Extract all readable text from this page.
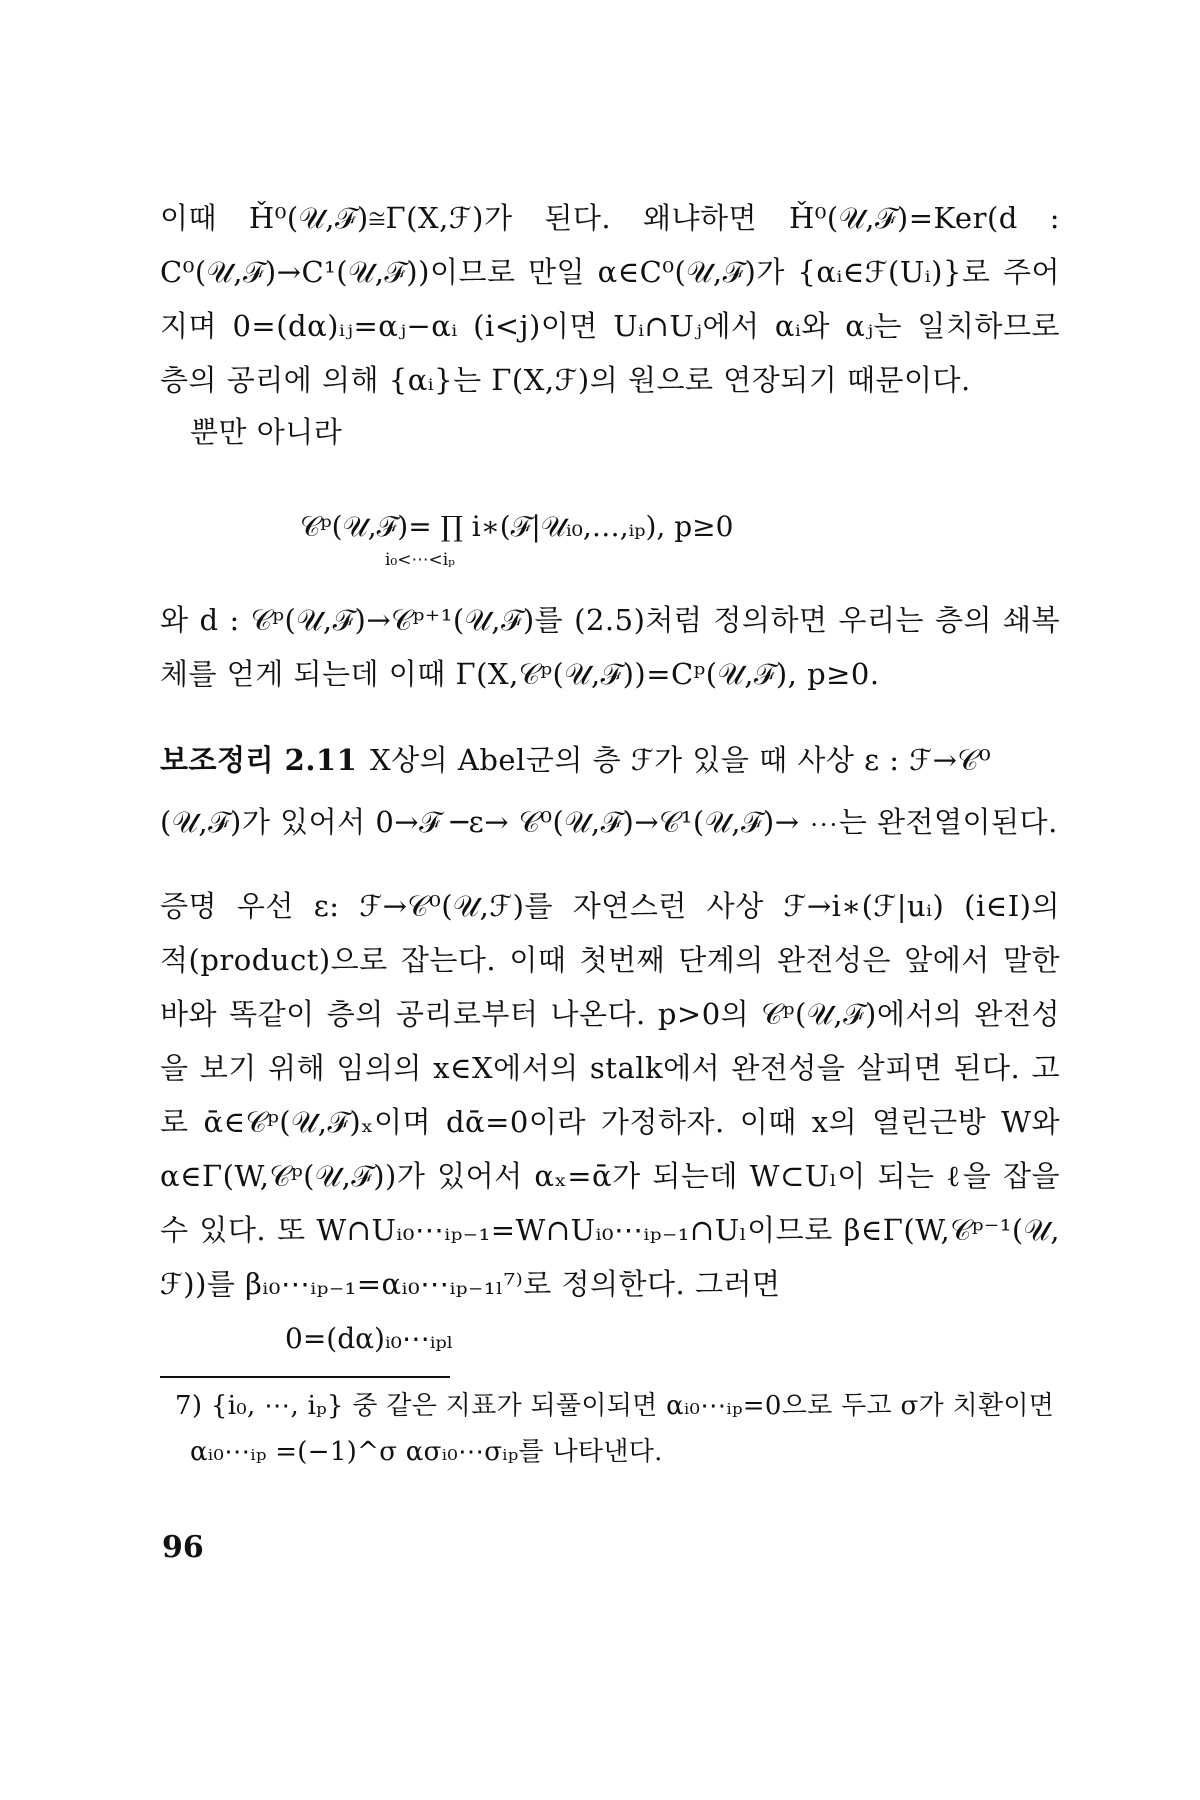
이때 Ȟ⁰(𝒰,ℱ)≅Γ(X,ℱ)가 된다. 왜냐하면 Ȟ⁰(𝒰,ℱ)=Ker(d :
C⁰(𝒰,ℱ)→C¹(𝒰,ℱ))이므로 만일 α∈C⁰(𝒰,ℱ)가 {αᵢ∈ℱ(Uᵢ)}로 주어
지며 0=(dα)ᵢⱼ=αⱼ−αᵢ (i<j)이면 Uᵢ∩Uⱼ에서 αᵢ와 αⱼ는 일치하므로
층의 공리에 의해 {αᵢ}는 Γ(X,ℱ)의 원으로 연장되기 때문이다.
뿐만 아니라
𝒞ᵖ(𝒰,ℱ)= ∏ i∗(ℱ|𝒰ᵢ₀,…,ᵢₚ), p≥0
i₀<⋯<iₚ
와 d : 𝒞ᵖ(𝒰,ℱ)→𝒞ᵖ⁺¹(𝒰,ℱ)를 (2.5)처럼 정의하면 우리는 층의 쇄복
체를 얻게 되는데 이때 Γ(X,𝒞ᵖ(𝒰,ℱ))=Cᵖ(𝒰,ℱ), p≥0.
보조정리 2.11 X상의 Abel군의 층 ℱ가 있을 때 사상 ε : ℱ→𝒞⁰
(𝒰,ℱ)가 있어서 0→ℱ ─ε→ 𝒞⁰(𝒰,ℱ)→𝒞¹(𝒰,ℱ)→ ⋯는 완전열이된다.
증명 우선 ε: ℱ→𝒞⁰(𝒰,ℱ)를 자연스런 사상 ℱ→i∗(ℱ|uᵢ) (i∈I)의
적(product)으로 잡는다. 이때 첫번째 단계의 완전성은 앞에서 말한
바와 똑같이 층의 공리로부터 나온다. p>0의 𝒞ᵖ(𝒰,ℱ)에서의 완전성
을 보기 위해 임의의 x∈X에서의 stalk에서 완전성을 살피면 된다. 고
로 ᾱ∈𝒞ᵖ(𝒰,ℱ)ₓ이며 dᾱ=0이라 가정하자. 이때 x의 열린근방 W와
α∈Γ(W,𝒞ᵖ(𝒰,ℱ))가 있어서 αₓ=ᾱ가 되는데 W⊂Uₗ이 되는 ℓ을 잡을
수 있다. 또 W∩Uᵢ₀⋯ᵢₚ₋₁=W∩Uᵢ₀⋯ᵢₚ₋₁∩Uₗ이므로 β∈Γ(W,𝒞ᵖ⁻¹(𝒰,
ℱ))를 βᵢ₀⋯ᵢₚ₋₁=αᵢ₀⋯ᵢₚ₋₁ₗ⁷⁾로 정의한다. 그러면
0=(dα)ᵢ₀⋯ᵢₚₗ
7) {i₀, ⋯, iₚ} 중 같은 지표가 되풀이되면 αᵢ₀⋯ᵢₚ=0으로 두고 σ가 치환이면
αᵢ₀⋯ᵢₚ =(−1)^σ ασᵢ₀⋯σᵢₚ를 나타낸다.
96
